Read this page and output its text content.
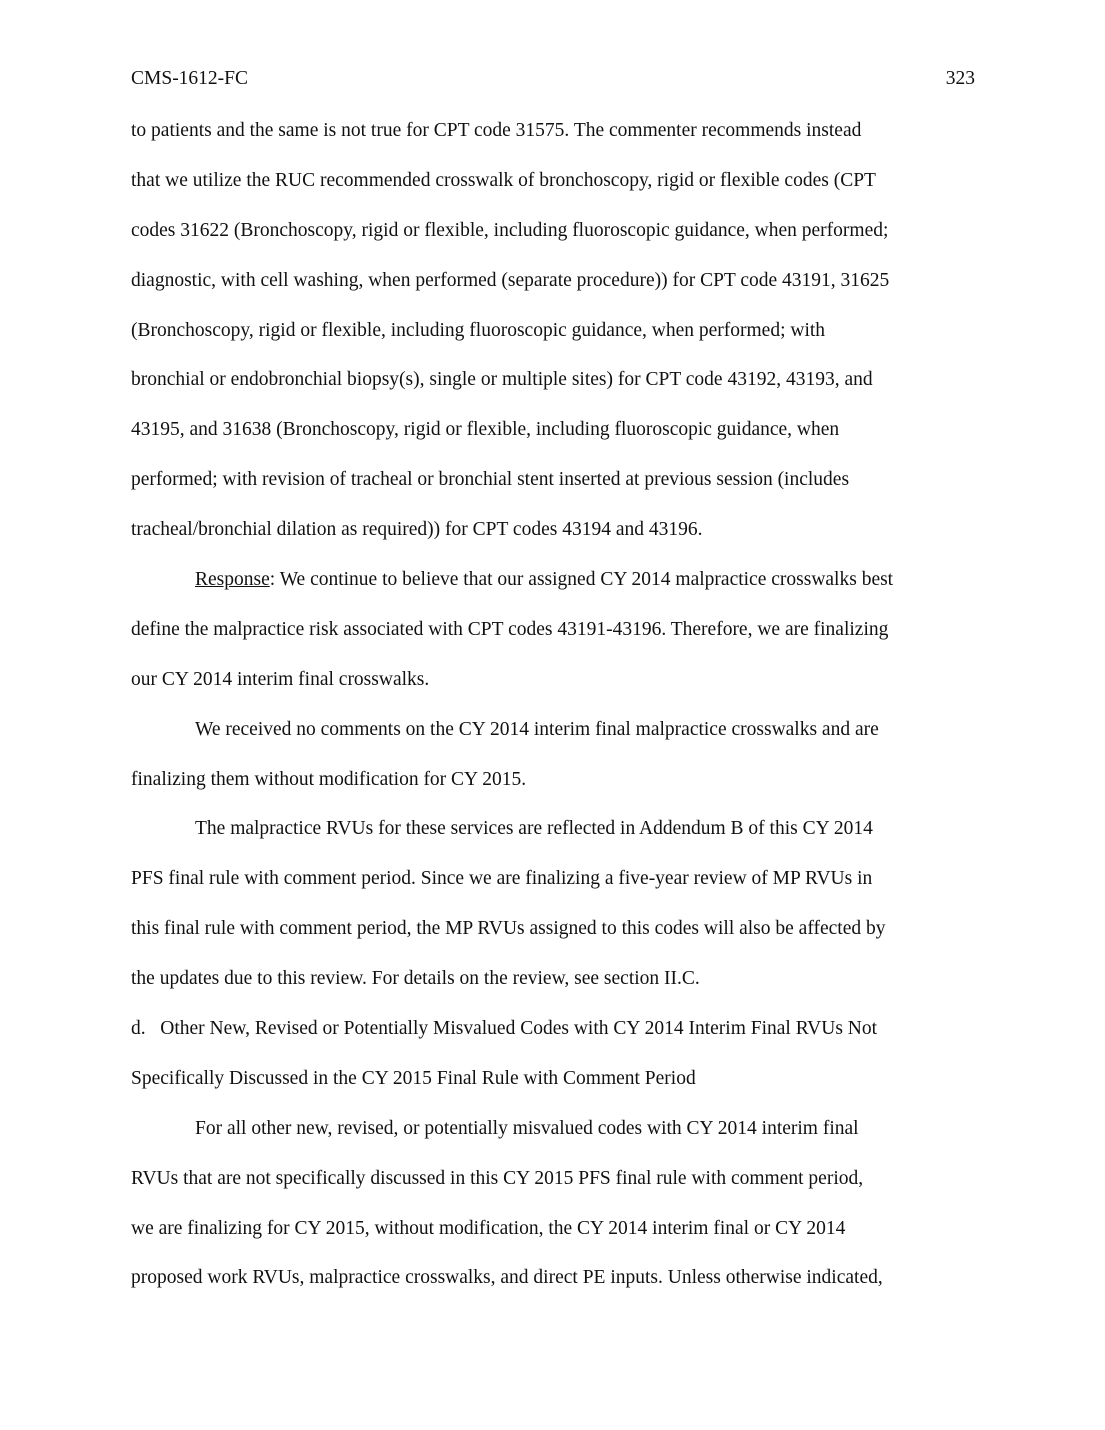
CMS-1612-FC	323
to patients and the same is not true for CPT code 31575. The commenter recommends instead
that we utilize the RUC recommended crosswalk of bronchoscopy, rigid or flexible codes (CPT
codes 31622 (Bronchoscopy, rigid or flexible, including fluoroscopic guidance, when performed;
diagnostic, with cell washing, when performed (separate procedure)) for CPT code 43191, 31625
(Bronchoscopy, rigid or flexible, including fluoroscopic guidance, when performed; with
bronchial or endobronchial biopsy(s), single or multiple sites) for CPT code 43192, 43193, and
43195, and 31638 (Bronchoscopy, rigid or flexible, including fluoroscopic guidance, when
performed; with revision of tracheal or bronchial stent inserted at previous session (includes
tracheal/bronchial dilation as required)) for CPT codes 43194 and 43196.
Response: We continue to believe that our assigned CY 2014 malpractice crosswalks best
define the malpractice risk associated with CPT codes 43191-43196. Therefore, we are finalizing
our CY 2014 interim final crosswalks.
We received no comments on the CY 2014 interim final malpractice crosswalks and are
finalizing them without modification for CY 2015.
The malpractice RVUs for these services are reflected in Addendum B of this CY 2014
PFS final rule with comment period. Since we are finalizing a five-year review of MP RVUs in
this final rule with comment period, the MP RVUs assigned to this codes will also be affected by
the updates due to this review. For details on the review, see section II.C.
d.   Other New, Revised or Potentially Misvalued Codes with CY 2014 Interim Final RVUs Not
Specifically Discussed in the CY 2015 Final Rule with Comment Period
For all other new, revised, or potentially misvalued codes with CY 2014 interim final
RVUs that are not specifically discussed in this CY 2015 PFS final rule with comment period,
we are finalizing for CY 2015, without modification, the CY 2014 interim final or CY 2014
proposed work RVUs, malpractice crosswalks, and direct PE inputs. Unless otherwise indicated,
